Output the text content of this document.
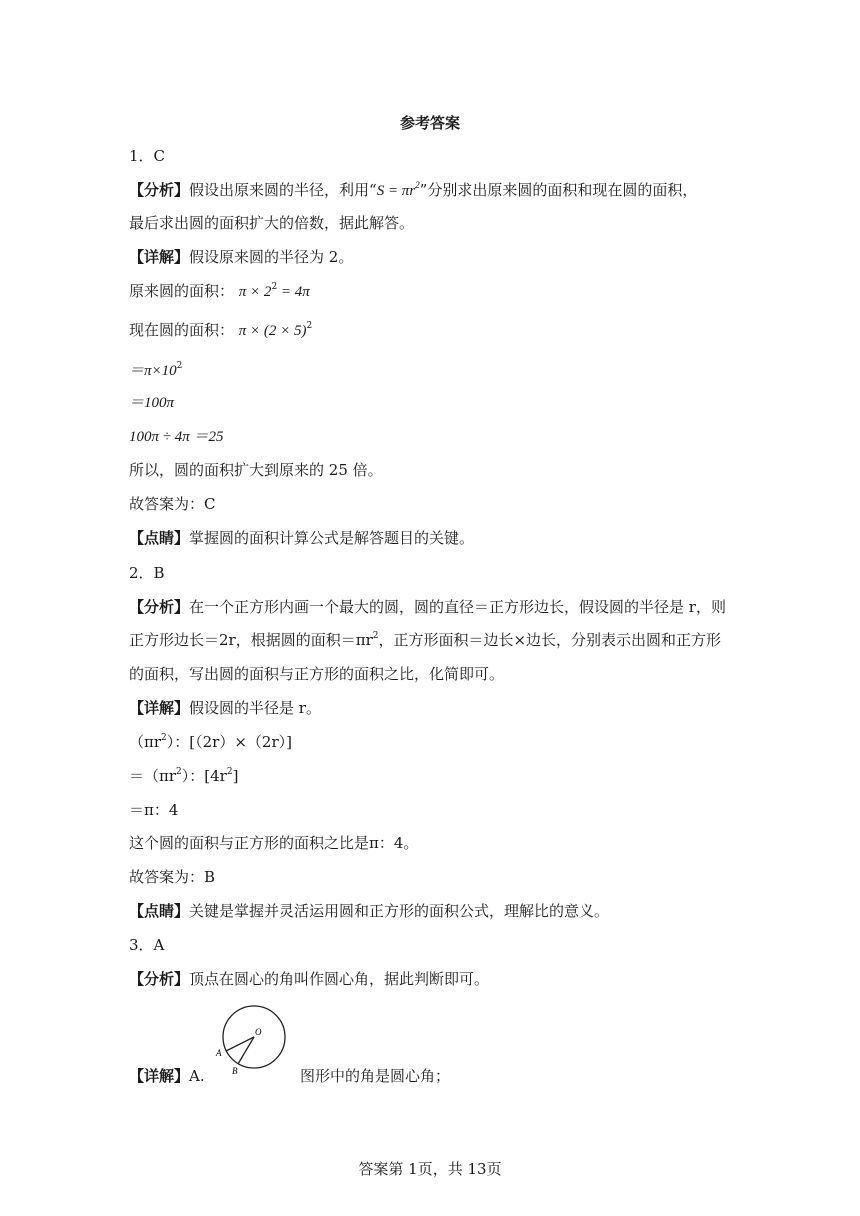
参考答案
1．C
【分析】假设出原来圆的半径，利用“$S = \pi r^2$”分别求出原来圆的面积和现在圆的面积，
最后求出圆的面积扩大的倍数，据此解答。
【详解】假设原来圆的半径为 2。
原来圆的面积： $\pi \times 2^2 = 4\pi$
现在圆的面积： $\pi \times (2 \times 5)^2$
$=\pi\times 10^2$
＝100π
100π ÷ 4π ＝25
所以，圆的面积扩大到原来的 25 倍。
故答案为：C
【点睛】掌握圆的面积计算公式是解答题目的关键。
2．B
【分析】在一个正方形内画一个最大的圆，圆的直径＝正方形边长，假设圆的半径是 r，则
正方形边长＝2r，根据圆的面积$=\pi r^2$，正方形面积＝边长×边长，分别表示出圆和正方形
的面积，写出圆的面积与正方形的面积之比，化简即可。
【详解】假设圆的半径是 r。
$(\pi r^2)$：[（2r）×（2r）]
$=(\pi r^2)$：$[4r^2]$
＝π：4
这个圆的面积与正方形的面积之比是π：4。
故答案为：B
【点睛】关键是掌握并灵活运用圆和正方形的面积公式，理解比的意义。
3．A
【分析】顶点在圆心的角叫作圆心角，据此判断即可。
【详解】A.
O
A
B	图形中的角是圆心角；
答案第 1页，共 13页
